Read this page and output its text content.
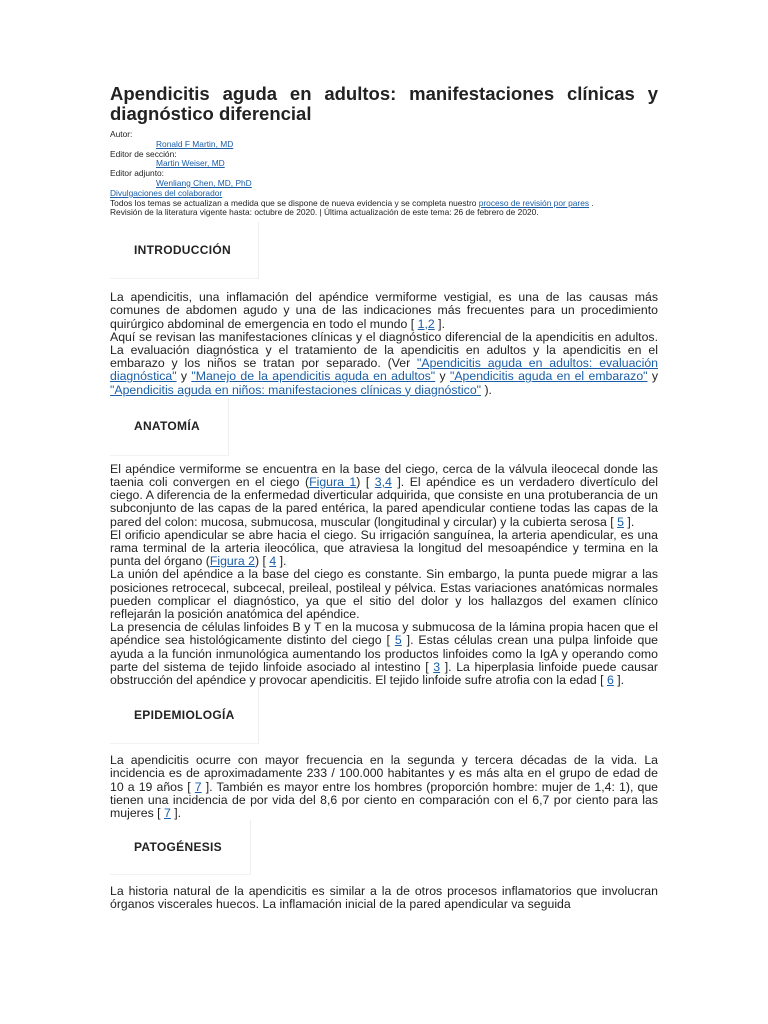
Apendicitis aguda en adultos: manifestaciones clínicas y diagnóstico diferencial
Autor:
Ronald F Martin, MD
Editor de sección:
Martin Weiser, MD
Editor adjunto:
Wenliang Chen, MD, PhD
Divulgaciones del colaborador
Todos los temas se actualizan a medida que se dispone de nueva evidencia y se completa nuestro proceso de revisión por pares .
Revisión de la literatura vigente hasta: octubre de 2020. | Última actualización de este tema: 26 de febrero de 2020.
INTRODUCCIÓN

La apendicitis, una inflamación del apéndice vermiforme vestigial, es una de las causas más comunes de abdomen agudo y una de las indicaciones más frecuentes para un procedimiento quirúrgico abdominal de emergencia en todo el mundo [ 1,2 ].

Aquí se revisan las manifestaciones clínicas y el diagnóstico diferencial de la apendicitis en adultos. La evaluación diagnóstica y el tratamiento de la apendicitis en adultos y la apendicitis en el embarazo y los niños se tratan por separado. (Ver "Apendicitis aguda en adultos: evaluación diagnóstica" y "Manejo de la apendicitis aguda en adultos" y "Apendicitis aguda en el embarazo" y "Apendicitis aguda en niños: manifestaciones clínicas y diagnóstico" ).

ANATOMÍA

El apéndice vermiforme se encuentra en la base del ciego, cerca de la válvula ileocecal donde las taenia coli convergen en el ciego (Figura 1) [ 3,4 ]. El apéndice es un verdadero divertículo del ciego. A diferencia de la enfermedad diverticular adquirida, que consiste en una protuberancia de un subconjunto de las capas de la pared entérica, la pared apendicular contiene todas las capas de la pared del colon: mucosa, submucosa, muscular (longitudinal y circular) y la cubierta serosa [ 5 ].

El orificio apendicular se abre hacia el ciego. Su irrigación sanguínea, la arteria apendicular, es una rama terminal de la arteria ileocólica, que atraviesa la longitud del mesoapéndice y termina en la punta del órgano (Figura 2) [ 4 ].

La unión del apéndice a la base del ciego es constante. Sin embargo, la punta puede migrar a las posiciones retrocecal, subcecal, preileal, postileal y pélvica. Estas variaciones anatómicas normales pueden complicar el diagnóstico, ya que el sitio del dolor y los hallazgos del examen clínico reflejarán la posición anatómica del apéndice.

La presencia de células linfoides B y T en la mucosa y submucosa de la lámina propia hacen que el apéndice sea histológicamente distinto del ciego [ 5 ]. Estas células crean una pulpa linfoide que ayuda a la función inmunológica aumentando los productos linfoides como la IgA y operando como parte del sistema de tejido linfoide asociado al intestino [ 3 ]. La hiperplasia linfoide puede causar obstrucción del apéndice y provocar apendicitis. El tejido linfoide sufre atrofia con la edad [ 6 ].

EPIDEMIOLOGÍA

La apendicitis ocurre con mayor frecuencia en la segunda y tercera décadas de la vida. La incidencia es de aproximadamente 233 / 100.000 habitantes y es más alta en el grupo de edad de 10 a 19 años [ 7 ]. También es mayor entre los hombres (proporción hombre: mujer de 1,4: 1), que tienen una incidencia de por vida del 8,6 por ciento en comparación con el 6,7 por ciento para las mujeres [ 7 ].

PATOGÉNESIS

La historia natural de la apendicitis es similar a la de otros procesos inflamatorios que involucran órganos viscerales huecos. La inflamación inicial de la pared apendicular va seguida
